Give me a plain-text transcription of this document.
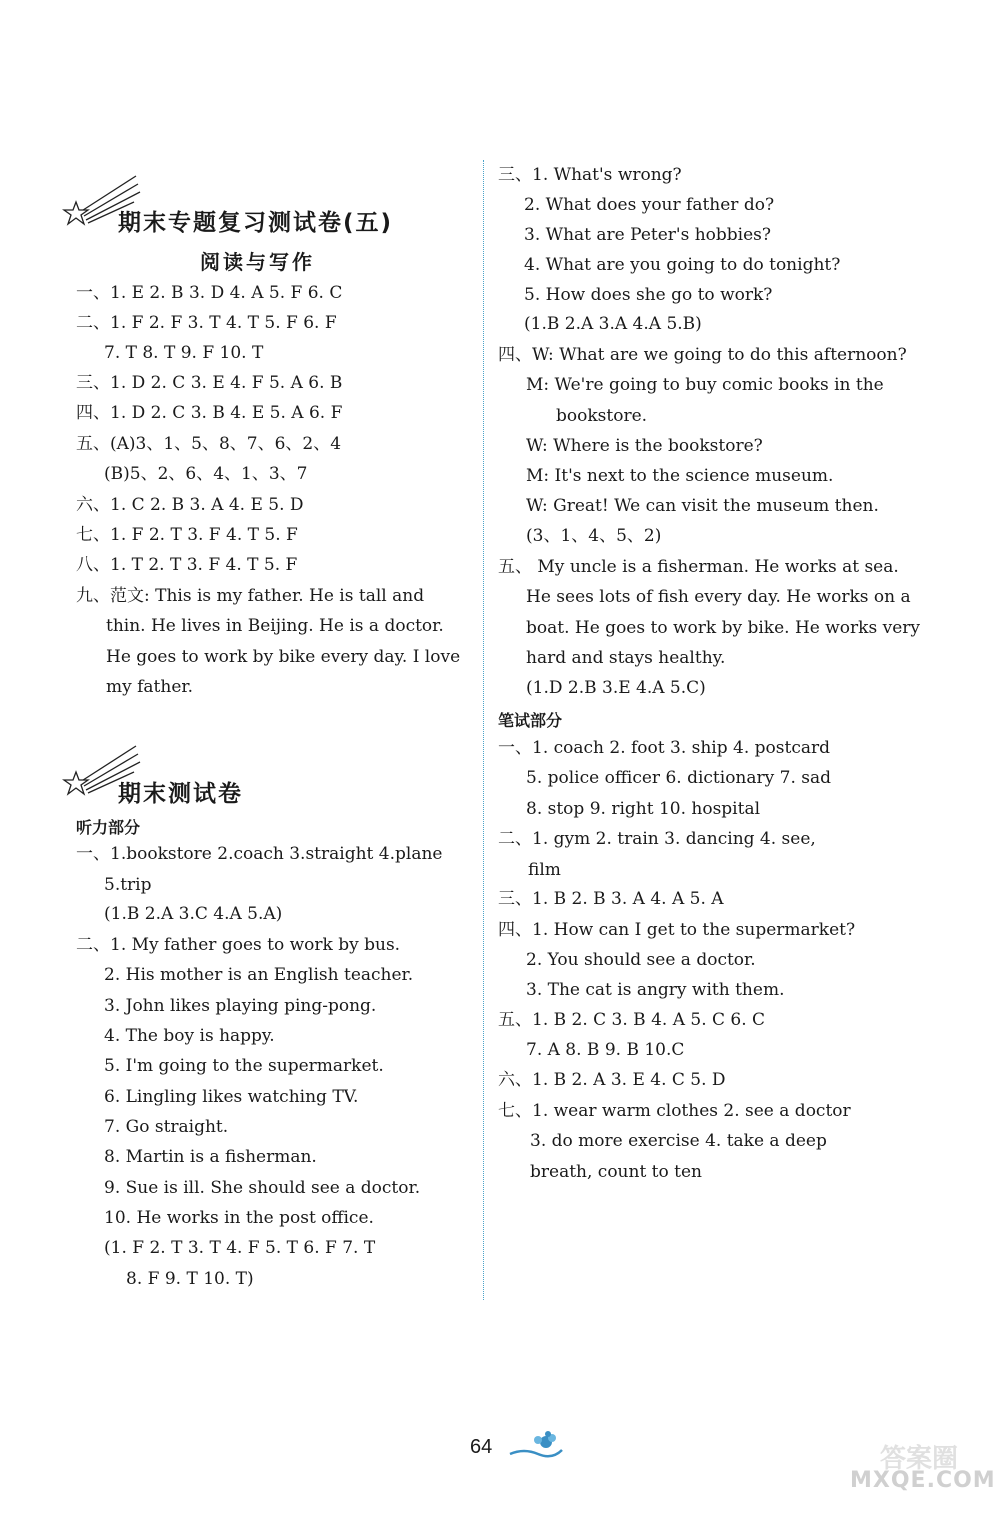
期末专题复习测试卷(五)
阅读与写作
一、1. E 2. B 3. D 4. A 5. F 6. C
二、1. F 2. F 3. T 4. T 5. F 6. F
7. T 8. T 9. F 10. T
三、1. D 2. C 3. E 4. F 5. A 6. B
四、1. D 2. C 3. B 4. E 5. A 6. F
五、(A)3、1、5、8、7、6、2、4
(B)5、2、6、4、1、3、7
六、1. C 2. B 3. A 4. E 5. D
七、1. F 2. T 3. F 4. T 5. F
八、1. T 2. T 3. F 4. T 5. F
九、范文: This is my father. He is tall and
thin. He lives in Beijing. He is a doctor.
He goes to work by bike every day. I love
my father.
期末测试卷
听力部分
一、1.bookstore 2.coach 3.straight 4.plane
5.trip
(1.B 2.A 3.C 4.A 5.A)
二、1. My father goes to work by bus.
2. His mother is an English teacher.
3. John likes playing ping-pong.
4. The boy is happy.
5. I'm going to the supermarket.
6. Lingling likes watching TV.
7. Go straight.
8. Martin is a fisherman.
9. Sue is ill. She should see a doctor.
10. He works in the post office.
(1. F 2. T 3. T 4. F 5. T 6. F 7. T
8. F 9. T 10. T)
三、1. What's wrong?
2. What does your father do?
3. What are Peter's hobbies?
4. What are you going to do tonight?
5. How does she go to work?
(1.B 2.A 3.A 4.A 5.B)
四、W: What are we going to do this afternoon?
M: We're going to buy comic books in the
bookstore.
W: Where is the bookstore?
M: It's next to the science museum.
W: Great! We can visit the museum then.
(3、1、4、5、2)
五、 My uncle is a fisherman. He works at sea.
He sees lots of fish every day. He works on a
boat. He goes to work by bike. He works very
hard and stays healthy.
(1.D 2.B 3.E 4.A 5.C)
笔试部分
一、1. coach 2. foot 3. ship 4. postcard
5. police officer 6. dictionary 7. sad
8. stop 9. right 10. hospital
二、1. gym 2. train 3. dancing 4. see,
film
三、1. B 2. B 3. A 4. A 5. A
四、1. How can I get to the supermarket?
2. You should see a doctor.
3. The cat is angry with them.
五、1. B 2. C 3. B 4. A 5. C 6. C
7. A 8. B 9. B 10.C
六、1. B 2. A 3. E 4. C 5. D
七、1. wear warm clothes 2. see a doctor
3. do more exercise 4. take a deep
breath, count to ten
64	答案圈
MXQE.COM
